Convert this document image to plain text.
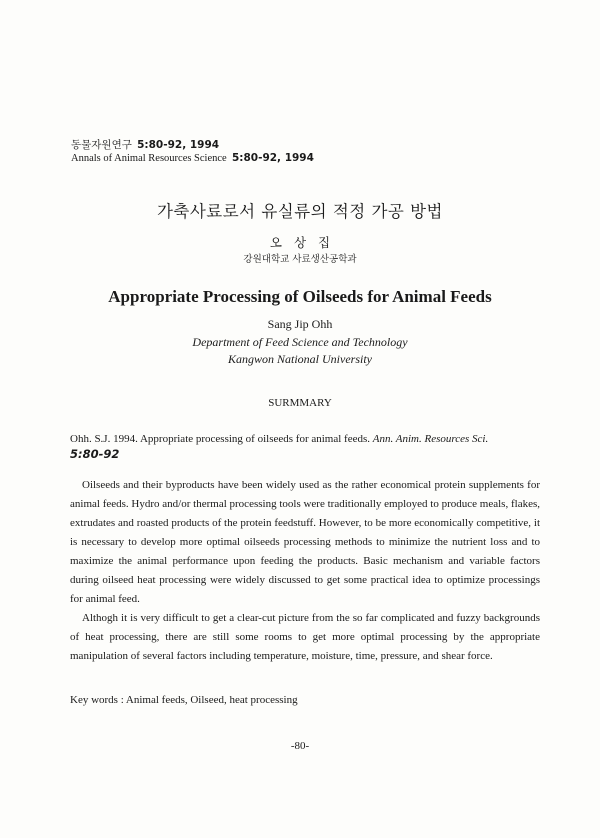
동물자원연구 5:80-92, 1994
Annals of Animal Resources Science 5:80-92, 1994
가축사료로서 유실류의 적정 가공 방법
오 상 집
강원대학교 사료생산공학과
Appropriate Processing of Oilseeds for Animal Feeds
Sang Jip Ohh
Department of Feed Science and Technology
Kangwon National University
SURMMARY
Ohh. S.J. 1994. Appropriate processing of oilseeds for animal feeds. Ann. Anim. Resources Sci.
5:80-92

Oilseeds and their byproducts have been widely used as the rather economical protein supplements for animal feeds. Hydro and/or thermal processing tools were traditionally employed to produce meals, flakes, extrudates and roasted products of the protein feedstuff. However, to be more economically competitive, it is necessary to develop more optimal oilseeds processing methods to minimize the nutrient loss and to maximize the animal performance upon feeding the products. Basic mechanism and variable factors during oilseed heat processing were widely discussed to get some practical idea to optimize processings for animal feed.

Althogh it is very difficult to get a clear-cut picture from the so far complicated and fuzzy backgrounds of heat processing, there are still some rooms to get more optimal processing by the appropriate manipulation of several factors including temperature, moisture, time, pressure, and shear force.

Key words : Animal feeds, Oilseed, heat processing
-80-
